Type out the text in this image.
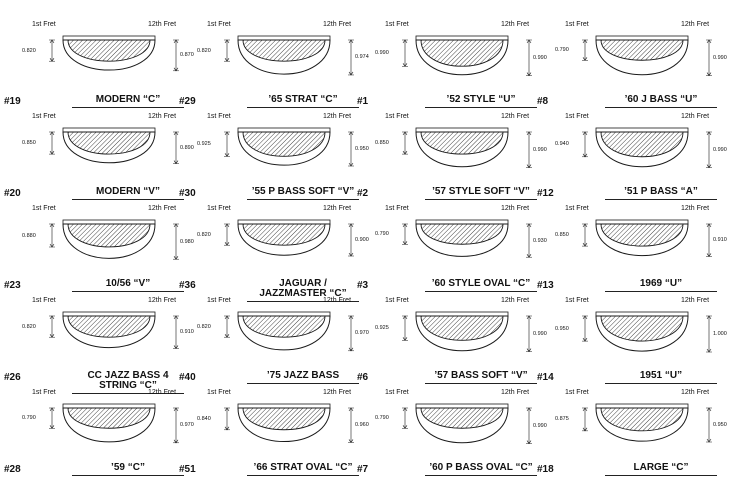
1st Fret	12th Fret
0.820
0.870
#19	MODERN “C”
1st Fret	12th Fret
0.820
0.974
#29	’65 STRAT “C”
1st Fret	12th Fret
0.990
0.990
#1	’52 STYLE “U”
1st Fret	12th Fret
0.790
0.990
#8	’60 J BASS “U”
1st Fret	12th Fret
0.850
0.890
#20	MODERN “V”
1st Fret	12th Fret
0.925
0.950
#30	’55 P BASS SOFT “V”
1st Fret	12th Fret
0.850
0.990
#2	’57 STYLE SOFT “V”
1st Fret	12th Fret
0.940
0.990
#12	’51 P BASS “A”
1st Fret	12th Fret
0.880
0.980
#23	10/56 “V”
1st Fret	12th Fret
0.820
0.900
#36	JAGUAR / JAZZMASTER “C”
1st Fret	12th Fret
0.790
0.930
#3	’60 STYLE OVAL “C”
1st Fret	12th Fret
0.850
0.910
#13	1969 “U”
1st Fret	12th Fret
0.820
0.910
#26	CC JAZZ BASS 4 STRING “C”
1st Fret	12th Fret
0.820
0.970
#40	’75 JAZZ BASS
1st Fret	12th Fret
0.925
0.990
#6	’57 BASS SOFT “V”
1st Fret	12th Fret
0.950
1.000
#14	1951 “U”
1st Fret	12th Fret
0.790
0.970
#28	’59 “C”
1st Fret	12th Fret
0.840
0.960
#51	’66 STRAT OVAL “C”
1st Fret	12th Fret
0.790
0.990
#7	’60 P BASS OVAL “C”
1st Fret	12th Fret
0.875
0.950
#18	LARGE “C”
